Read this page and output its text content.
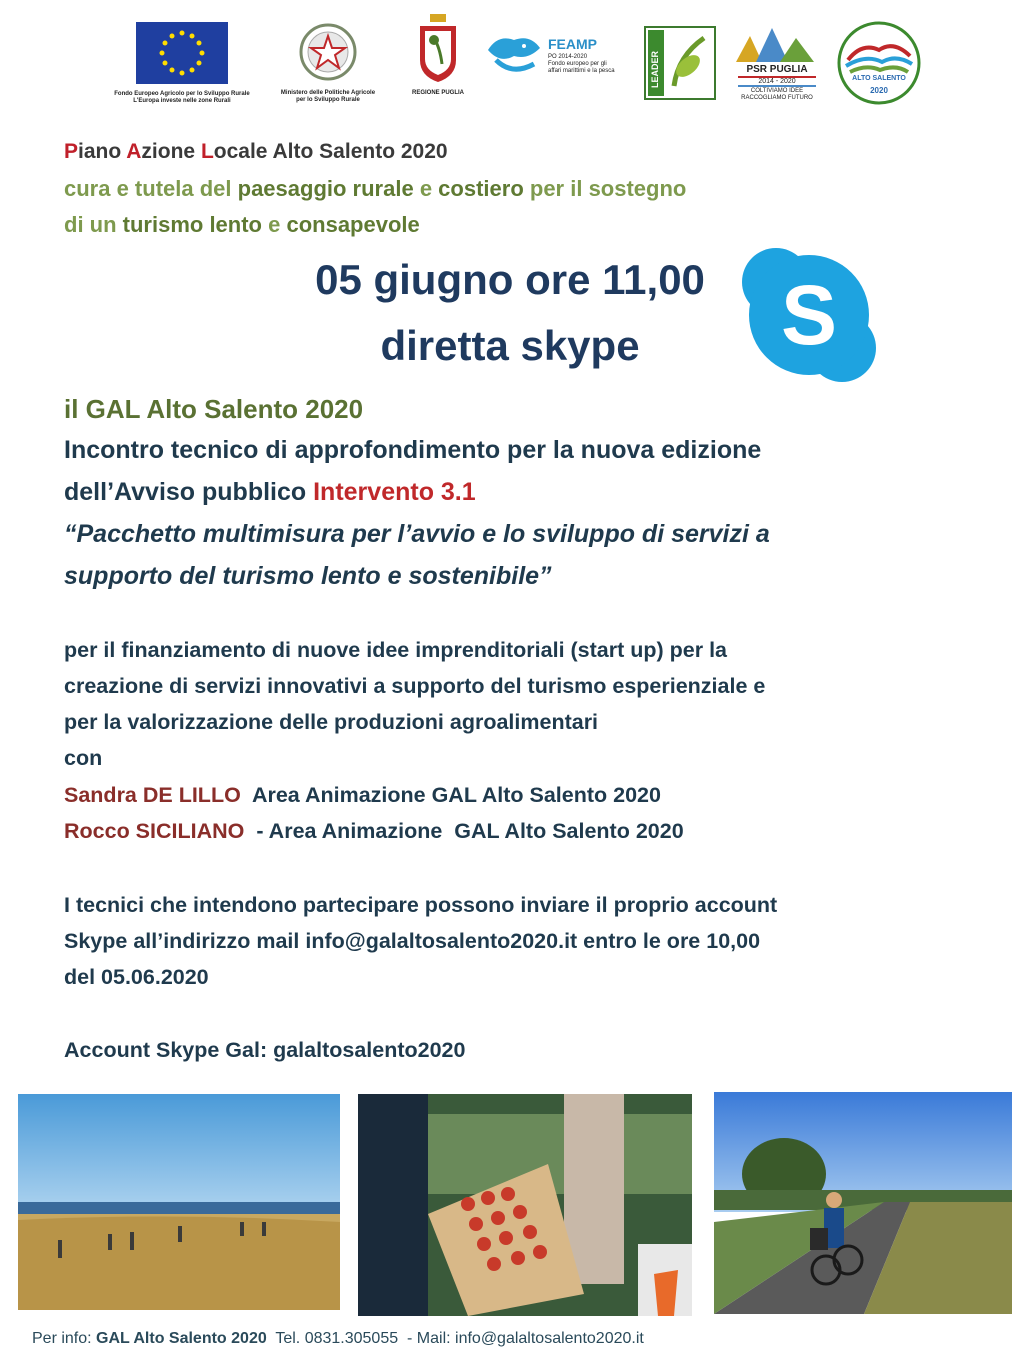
Fondo Europeo Agricolo per lo Sviluppo Rurale
L'Europa investe nelle zone Rurali
Ministero delle Politiche Agricole
per lo Sviluppo Rurale
REGIONE PUGLIA
FEAMP
PO 2014-2020
Fondo europeo per gli
affari marittimi e la pesca	LEADER	PSR PUGLIA
2014 - 2020
COLTIVIAMO IDEE
RACCOGLIAMO FUTURO
ALTO SALENTO
2020
Piano Azione Locale Alto Salento 2020
cura e tutela del paesaggio rurale e costiero per il sostegno
di un turismo lento e consapevole
05 giugno ore 11,00
diretta skype	S
il GAL Alto Salento 2020
Incontro tecnico di approfondimento per la nuova edizione
dell’Avviso pubblico Intervento 3.1
“Pacchetto multimisura per l’avvio e lo sviluppo di servizi a
supporto del turismo lento e sostenibile”
per il finanziamento di nuove idee imprenditoriali (start up) per la
creazione di servizi innovativi a supporto del turismo esperienziale e
per la valorizzazione delle produzioni agroalimentari
con
Sandra DE LILLO  Area Animazione GAL Alto Salento 2020
Rocco SICILIANO  - Area Animazione  GAL Alto Salento 2020
I tecnici che intendono partecipare possono inviare il proprio account
Skype all’indirizzo mail info@galaltosalento2020.it entro le ore 10,00
del 05.06.2020
Account Skype Gal: galaltosalento2020
Per info: GAL Alto Salento 2020  Tel. 0831.305055  - Mail: info@galaltosalento2020.it
